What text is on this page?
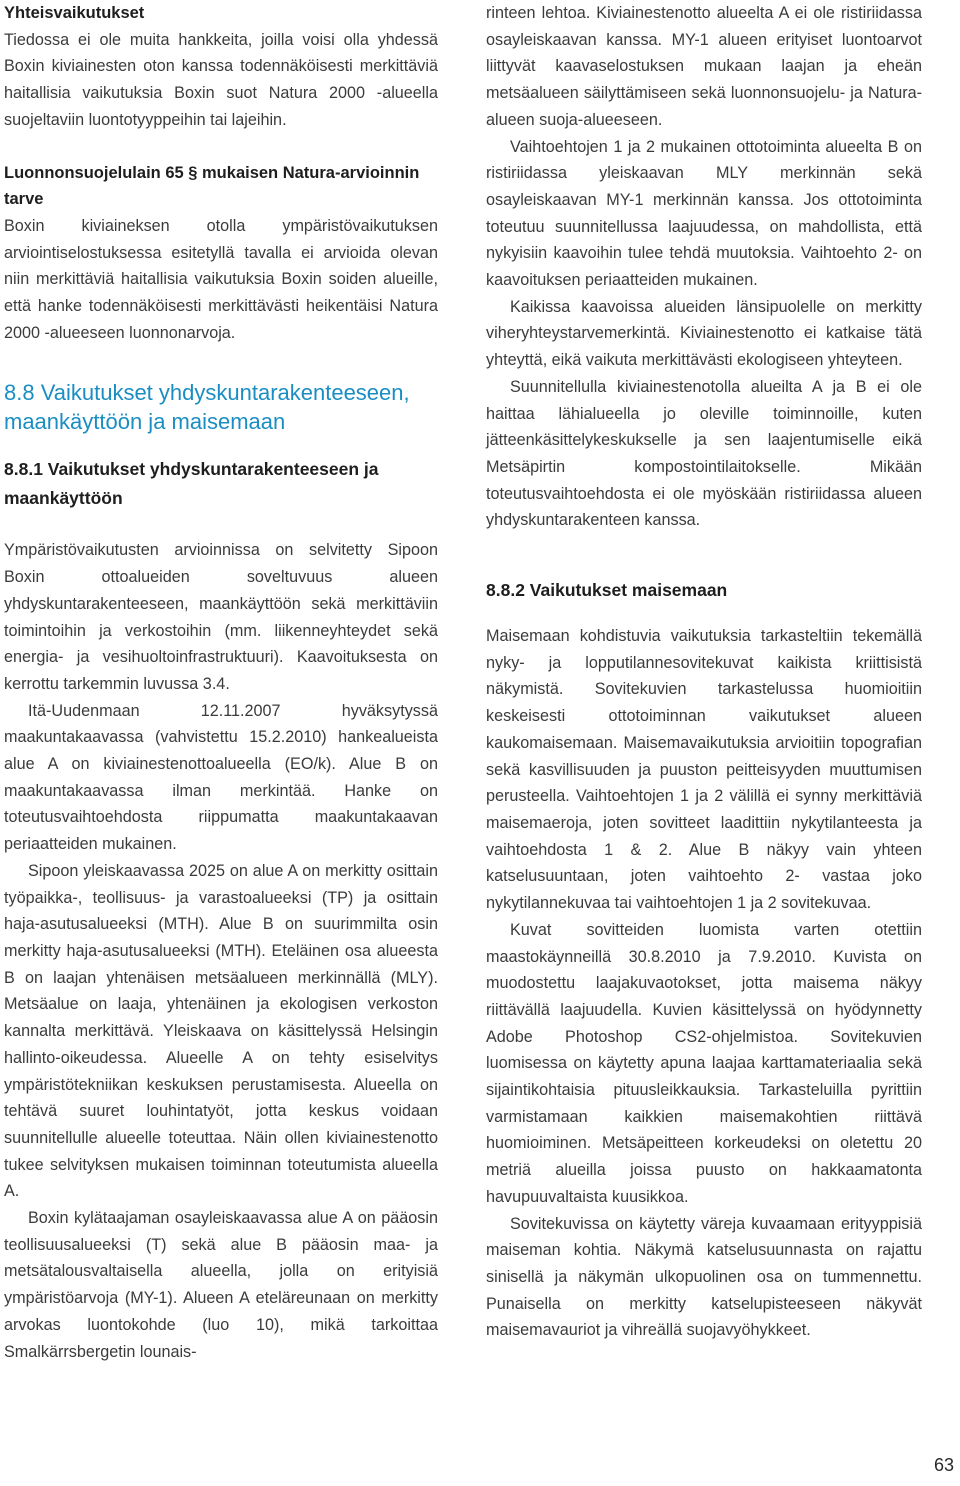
Yhteisvaikutukset

Tiedossa ei ole muita hankkeita, joilla voisi olla yhdessä Boxin kiviainesten oton kanssa todennäköisesti merkittäviä haitallisia vaikutuksia Boxin suot Natura 2000 -alueella suojeltaviin luontotyyppeihin tai lajeihin.

Luonnonsuojelulain 65 § mukaisen Natura-arvioinnin tarve

Boxin kiviaineksen otolla ympäristövaikutuksen arviointiselostuksessa esitetyllä tavalla ei arvioida olevan niin merkittäviä haitallisia vaikutuksia Boxin soiden alueille, että hanke todennäköisesti merkittävästi heikentäisi Natura 2000 -alueeseen luonnonarvoja.

8.8 Vaikutukset yhdyskuntarakenteeseen, maankäyttöön ja maisemaan

8.8.1 Vaikutukset yhdyskuntarakenteeseen ja maankäyttöön

Ympäristövaikutusten arvioinnissa on selvitetty Sipoon Boxin ottoalueiden soveltuvuus alueen yhdyskuntarakenteeseen, maankäyttöön sekä merkittäviin toimintoihin ja verkostoihin (mm. liikenneyhteydet sekä energia- ja vesihuoltoinfrastruktuuri). Kaavoituksesta on kerrottu tarkemmin luvussa 3.4.

Itä-Uudenmaan 12.11.2007 hyväksytyssä maakuntakaavassa (vahvistettu 15.2.2010) hankealueista alue A on kiviainestenottoalueella (EO/k). Alue B on maakuntakaavassa ilman merkintää. Hanke on toteutusvaihtoehdosta riippumatta maakuntakaavan periaatteiden mukainen.

Sipoon yleiskaavassa 2025 on alue A on merkitty osittain työpaikka-, teollisuus- ja varastoalueeksi (TP) ja osittain haja-asutusalueeksi (MTH). Alue B on suurimmilta osin merkitty haja-asutusalueeksi (MTH). Eteläinen osa alueesta B on laajan yhtenäisen metsäalueen merkinnällä (MLY). Metsäalue on laaja, yhtenäinen ja ekologisen verkoston kannalta merkittävä. Yleiskaava on käsittelyssä Helsingin hallinto-oikeudessa. Alueelle A on tehty esiselvitys ympäristötekniikan keskuksen perustamisesta. Alueella on tehtävä suuret louhintatyöt, jotta keskus voidaan suunnitellulle alueelle toteuttaa. Näin ollen kiviainestenotto tukee selvityksen mukaisen toiminnan toteutumista alueella A.

Boxin kylätaajaman osayleiskaavassa alue A on pääosin teollisuusalueeksi (T) sekä alue B pääosin maa- ja metsätalousvaltaisella alueella, jolla on erityisiä ympäristöarvoja (MY-1). Alueen A eteläreunaan on merkitty arvokas luontokohde (luo 10), mikä tarkoittaa Smalkärrsbergetin lounais-

rinteen lehtoa. Kiviainestenotto alueelta A ei ole ristiriidassa osayleiskaavan kanssa. MY-1 alueen erityiset luontoarvot liittyvät kaavaselostuksen mukaan laajan ja eheän metsäalueen säilyttämiseen sekä luonnonsuojelu- ja Natura-alueen suoja-alueeseen.

Vaihtoehtojen 1 ja 2 mukainen ottotoiminta alueelta B on ristiriidassa yleiskaavan MLY merkinnän sekä osayleiskaavan MY-1 merkinnän kanssa. Jos ottotoiminta toteutuu suunnitellussa laajuudessa, on mahdollista, että nykyisiin kaavoihin tulee tehdä muutoksia. Vaihtoehto 2- on kaavoituksen periaatteiden mukainen.

Kaikissa kaavoissa alueiden länsipuolelle on merkitty viheryhteystarvemerkintä. Kiviainestenotto ei katkaise tätä yhteyttä, eikä vaikuta merkittävästi ekologiseen yhteyteen.

Suunnitellulla kiviainestenotolla alueilta A ja B ei ole haittaa lähialueella jo oleville toiminnoille, kuten jätteenkäsittelykeskukselle ja sen laajentumiselle eikä Metsäpirtin kompostointilaitokselle. Mikään toteutusvaihtoehdosta ei ole myöskään ristiriidassa alueen yhdyskuntarakenteen kanssa.

8.8.2 Vaikutukset maisemaan

Maisemaan kohdistuvia vaikutuksia tarkasteltiin tekemällä nyky- ja lopputilannesovitekuvat kaikista kriittisistä näkymistä. Sovitekuvien tarkastelussa huomioitiin keskeisesti ottotoiminnan vaikutukset alueen kaukomaisemaan. Maisemavaikutuksia arvioitiin topografian sekä kasvillisuuden ja puuston peitteisyyden muuttumisen perusteella. Vaihtoehtojen 1 ja 2 välillä ei synny merkittäviä maisemaeroja, joten sovitteet laadittiin nykytilanteesta ja vaihtoehdosta 1 & 2. Alue B näkyy vain yhteen katselusuuntaan, joten vaihtoehto 2- vastaa joko nykytilannekuvaa tai vaihtoehtojen 1 ja 2 sovitekuvaa.

Kuvat sovitteiden luomista varten otettiin maastokäynneillä 30.8.2010 ja 7.9.2010. Kuvista on muodostettu laajakuvaotokset, jotta maisema näkyy riittävällä laajuudella. Kuvien käsittelyssä on hyödynnetty Adobe Photoshop CS2-ohjelmistoa. Sovitekuvien luomisessa on käytetty apuna laajaa karttamateriaalia sekä sijaintikohtaisia pituusleikkauksia. Tarkasteluilla pyrittiin varmistamaan kaikkien maisemakohtien riittävä huomioiminen. Metsäpeitteen korkeudeksi on oletettu 20 metriä alueilla joissa puusto on hakkaamatonta havupuuvaltaista kuusikkoa.

Sovitekuvissa on käytetty väreja kuvaamaan erityyppisiä maiseman kohtia. Näkymä katselusuunnasta on rajattu sinisellä ja näkymän ulkopuolinen osa on tummennettu. Punaisella on merkitty katselupisteeseen näkyvät maisemavauriot ja vihreällä suojavyöhykkeet.

63
